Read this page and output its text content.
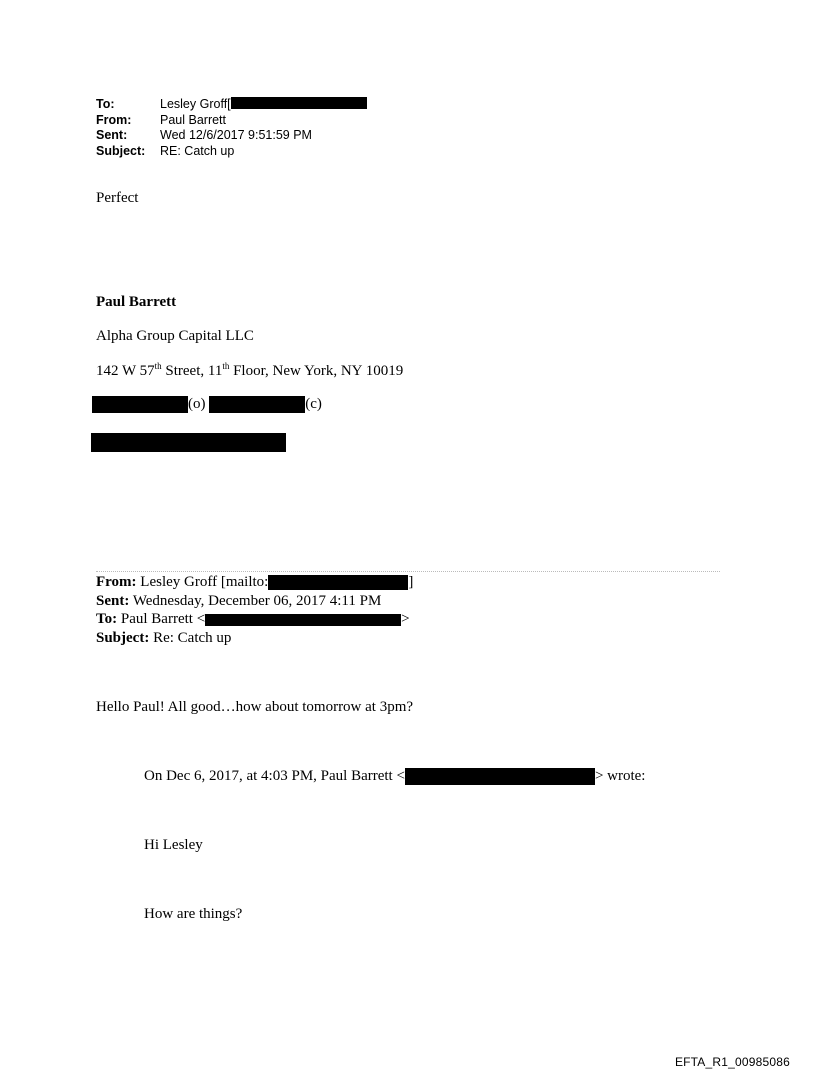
To:	Lesley Groff[
From:	Paul Barrett
Sent:	Wed 12/6/2017 9:51:59 PM
Subject:	RE: Catch up
Perfect
Paul Barrett
Alpha Group Capital LLC
142 W 57th Street, 11th Floor, New York, NY 10019
(o)	(c)
From: Lesley Groff [mailto:	]
Sent: Wednesday, December 06, 2017 4:11 PM
To: Paul Barrett <	>
Subject: Re: Catch up
Hello Paul! All good…how about tomorrow at 3pm?
On Dec 6, 2017, at 4:03 PM, Paul Barrett <	> wrote:
Hi Lesley
How are things?
EFTA_R1_00985086
